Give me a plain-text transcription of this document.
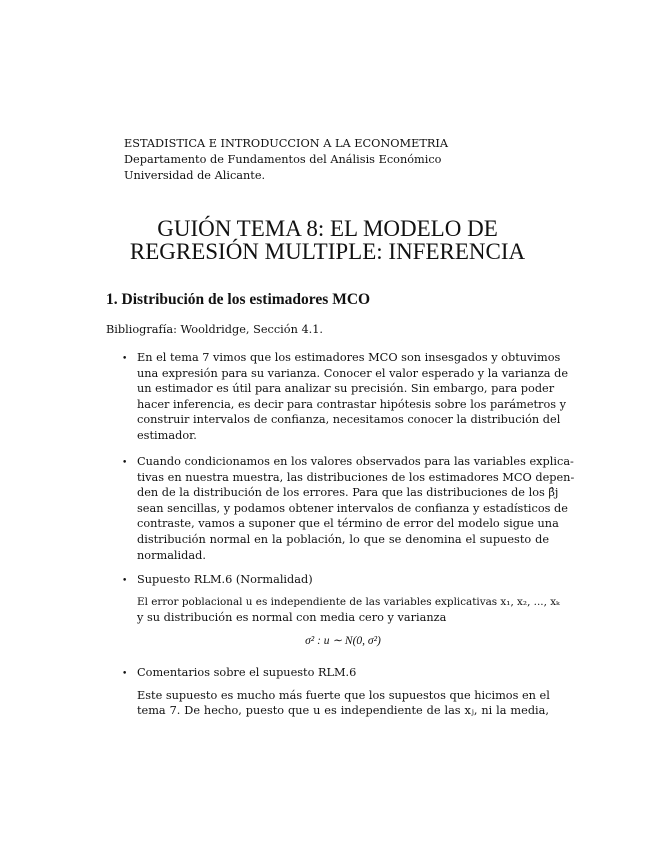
ESTADISTICA E INTRODUCCION A LA ECONOMETRIA
Departamento de Fundamentos del Análisis Económico
Universidad de Alicante.
GUIÓN TEMA 8: EL MODELO DE
REGRESIÓN MULTIPLE: INFERENCIA
1. Distribución de los estimadores MCO
Bibliografía: Wooldridge, Sección 4.1.
• En el tema 7 vimos que los estimadores MCO son insesgados y obtuvimos
una expresión para su varianza. Conocer el valor esperado y la varianza de
un estimador es útil para analizar su precisión. Sin embargo, para poder
hacer inferencia, es decir para contrastar hipótesis sobre los parámetros y
construir intervalos de confianza, necesitamos conocer la distribución del
estimador.
• Cuando condicionamos en los valores observados para las variables explica-
tivas en nuestra muestra, las distribuciones de los estimadores MCO depen-
den de la distribución de los errores. Para que las distribuciones de los β̂j
sean sencillas, y podamos obtener intervalos de confianza y estadísticos de
contraste, vamos a suponer que el término de error del modelo sigue una
distribución normal en la población, lo que se denomina el supuesto de
normalidad.
• Supuesto RLM.6 (Normalidad)
El error poblacional u es independiente de las variables explicativas x₁, x₂, ..., xₖ
y su distribución es normal con media cero y varianza
σ² : u ∼ N(0, σ²)
• Comentarios sobre el supuesto RLM.6
Este supuesto es mucho más fuerte que los supuestos que hicimos en el
tema 7. De hecho, puesto que u es independiente de las xⱼ, ni la media,
